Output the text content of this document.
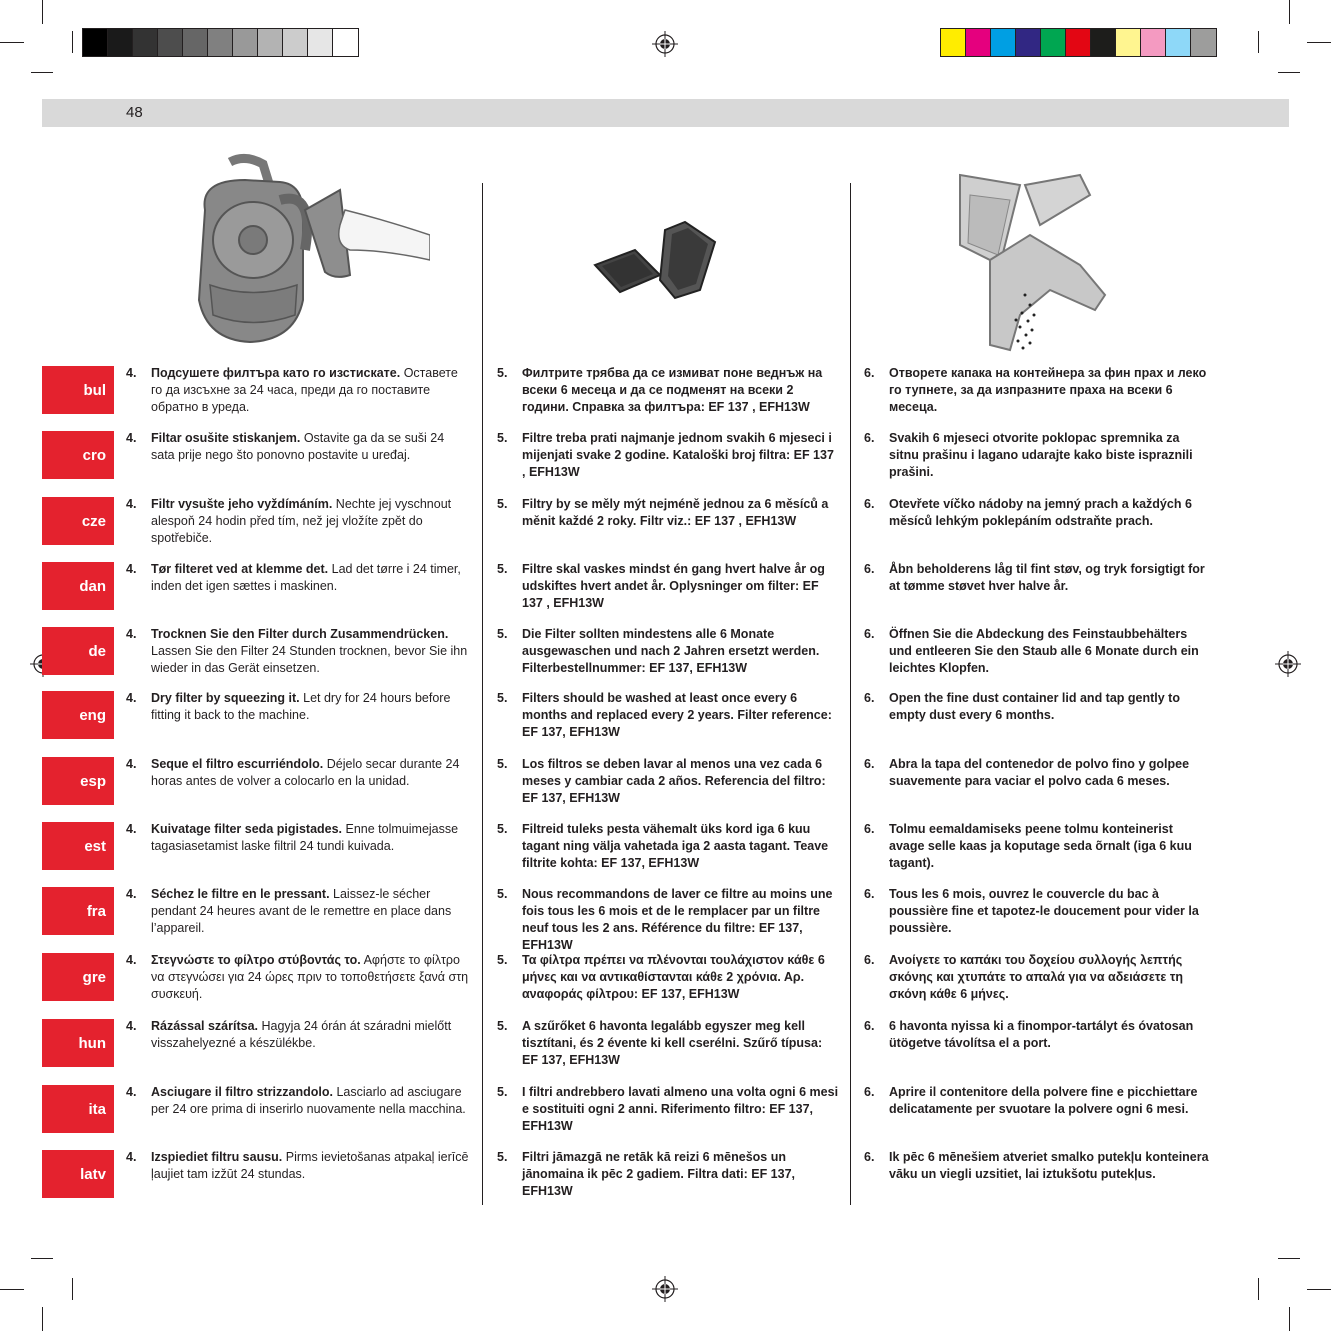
48
bul
4. Подсушете филтъра като го изстискате. Оставете го да изсъхне за 24 часа, преди да го поставите обратно в уреда.
5. Филтрите трябва да се измиват поне веднъж на всеки 6 месеца и да се подменят на всеки 2 години. Справка за филтъра: EF 137 , EFH13W
6. Отворете капака на контейнера за фин прах и леко го тупнете, за да изпразните праха на всеки 6 месеца.
cro
4. Filtar osušite stiskanjem. Ostavite ga da se suši 24 sata prije nego što ponovno postavite u uređaj.
5. Filtre treba prati najmanje jednom svakih 6 mjeseci i mijenjati svake 2 godine. Kataloški broj filtra: EF 137 , EFH13W
6. Svakih 6 mjeseci otvorite poklopac spremnika za sitnu prašinu i lagano udarajte kako biste ispraznili prašini.
cze
4. Filtr vysušte jeho vyždímáním. Nechte jej vyschnout alespoň 24 hodin před tím, než jej vložíte zpět do spotřebiče.
5. Filtry by se měly mýt nejméně jednou za 6 měsíců a měnit každé 2 roky. Filtr viz.: EF 137 , EFH13W
6. Otevřete víčko nádoby na jemný prach a každých 6 měsíců lehkým poklepáním odstraňte prach.
dan
4. Tør filteret ved at klemme det. Lad det tørre i 24 timer, inden det igen sættes i maskinen.
5. Filtre skal vaskes mindst én gang hvert halve år og udskiftes hvert andet år. Oplysninger om filter: EF 137 , EFH13W
6. Åbn beholderens låg til fint støv, og tryk forsigtigt for at tømme støvet hver halve år.
de
4. Trocknen Sie den Filter durch Zusammendrücken. Lassen Sie den Filter 24 Stunden trocknen, bevor Sie ihn wieder in das Gerät einsetzen.
5. Die Filter sollten mindestens alle 6 Monate ausgewaschen und nach 2 Jahren ersetzt werden. Filterbestellnummer: EF 137, EFH13W
6. Öffnen Sie die Abdeckung des Feinstaubbehälters und entleeren Sie den Staub alle 6 Monate durch ein leichtes Klopfen.
eng
4. Dry filter by squeezing it. Let dry for 24 hours before fitting it back to the machine.
5. Filters should be washed at least once every 6 months and replaced every 2 years. Filter reference: EF 137, EFH13W
6. Open the fine dust container lid and tap gently to empty dust every 6 months.
esp
4. Seque el filtro escurriéndolo. Déjelo secar durante 24 horas antes de volver a colocarlo en la unidad.
5. Los filtros se deben lavar al menos una vez cada 6 meses y cambiar cada 2 años. Referencia del filtro: EF 137, EFH13W
6. Abra la tapa del contenedor de polvo fino y golpee suavemente para vaciar el polvo cada 6 meses.
est
4. Kuivatage filter seda pigistades. Enne tolmuimejasse tagasiasetamist laske filtril 24 tundi kuivada.
5. Filtreid tuleks pesta vähemalt üks kord iga 6 kuu tagant ning välja vahetada iga 2 aasta tagant. Teave filtrite kohta: EF 137, EFH13W
6. Tolmu eemaldamiseks peene tolmu konteinerist avage selle kaas ja koputage seda õrnalt (iga 6 kuu tagant).
fra
4. Séchez le filtre en le pressant. Laissez-le sécher pendant 24 heures avant de le remettre en place dans l’appareil.
5. Nous recommandons de laver ce filtre au moins une fois tous les 6 mois et de le remplacer par un filtre neuf tous les 2 ans. Référence du filtre: EF 137, EFH13W
6. Tous les 6 mois, ouvrez le couvercle du bac à poussière fine et tapotez-le doucement pour vider la poussière.
gre
4. Στεγνώστε το φίλτρο στύβοντάς το. Αφήστε το φίλτρο να στεγνώσει για 24 ώρες πριν το τοποθετήσετε ξανά στη συσκευή.
5. Τα φίλτρα πρέπει να πλένονται τουλάχιστον κάθε 6 μήνες και να αντικαθίστανται κάθε 2 χρόνια. Αρ. αναφοράς φίλτρου: EF 137, EFH13W
6. Ανοίγετε το καπάκι του δοχείου συλλογής λεπτής σκόνης και χτυπάτε το απαλά για να αδειάσετε τη σκόνη κάθε 6 μήνες.
hun
4. Rázással szárítsa. Hagyja 24 órán át száradni mielőtt visszahelyezné a készülékbe.
5. A szűrőket 6 havonta legalább egyszer meg kell tisztítani, és 2 évente ki kell cserélni. Szűrő típusa: EF 137, EFH13W
6. 6 havonta nyissa ki a finompor-tartályt és óvatosan ütögetve távolítsa el a port.
ita
4. Asciugare il filtro strizzandolo. Lasciarlo ad asciugare per 24 ore prima di inserirlo nuovamente nella macchina.
5. I filtri andrebbero lavati almeno una volta ogni 6 mesi e sostituiti ogni 2 anni. Riferimento filtro: EF 137, EFH13W
6. Aprire il contenitore della polvere fine e picchiettare delicatamente per svuotare la polvere ogni 6 mesi.
latv
4. Izspiediet filtru sausu. Pirms ievietošanas atpakaļ ierīcē ļaujiet tam izžūt 24 stundas.
5. Filtri jāmazgā ne retāk kā reizi 6 mēnešos un jānomaina ik pēc 2 gadiem. Filtra dati: EF 137, EFH13W
6. Ik pēc 6 mēnešiem atveriet smalko putekļu konteinera vāku un viegli uzsitiet, lai iztukšotu putekļus.
